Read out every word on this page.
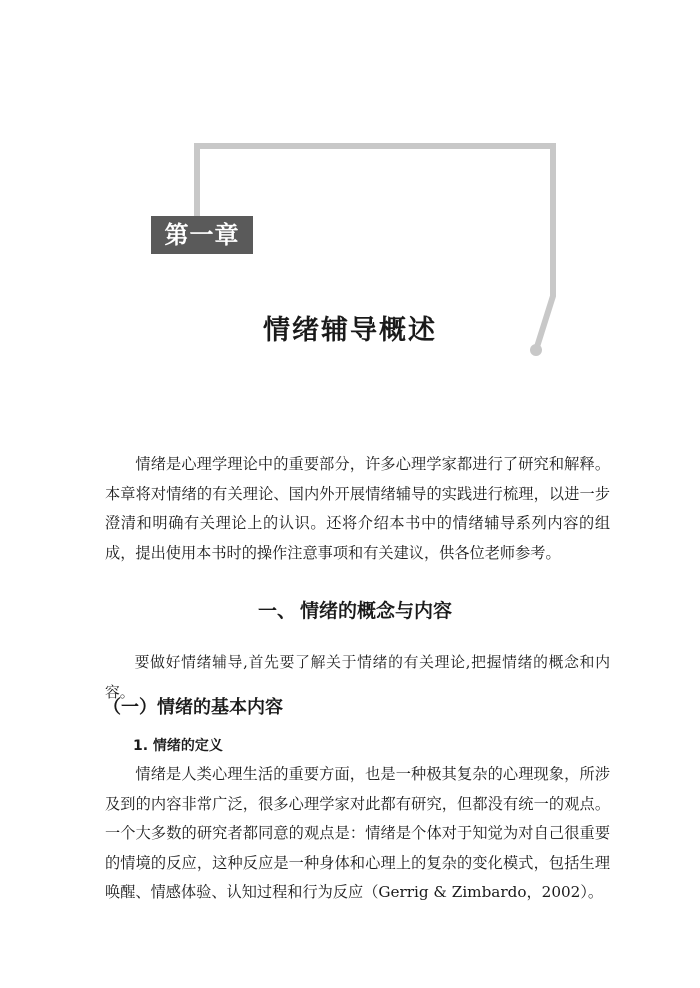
第一章
情绪辅导概述

情绪是心理学理论中的重要部分，许多心理学家都进行了研究和解释。本章将对情绪的有关理论、国内外开展情绪辅导的实践进行梳理，以进一步澄清和明确有关理论上的认识。还将介绍本书中的情绪辅导系列内容的组成，提出使用本书时的操作注意事项和有关建议，供各位老师参考。

一、 情绪的概念与内容

要做好情绪辅导,首先要了解关于情绪的有关理论,把握情绪的概念和内容。

（一）情绪的基本内容
1. 情绪的定义

情绪是人类心理生活的重要方面，也是一种极其复杂的心理现象，所涉及到的内容非常广泛，很多心理学家对此都有研究，但都没有统一的观点。一个大多数的研究者都同意的观点是：情绪是个体对于知觉为对自己很重要的情境的反应，这种反应是一种身体和心理上的复杂的变化模式，包括生理唤醒、情感体验、认知过程和行为反应（Gerrig & Zimbardo，2002）。
